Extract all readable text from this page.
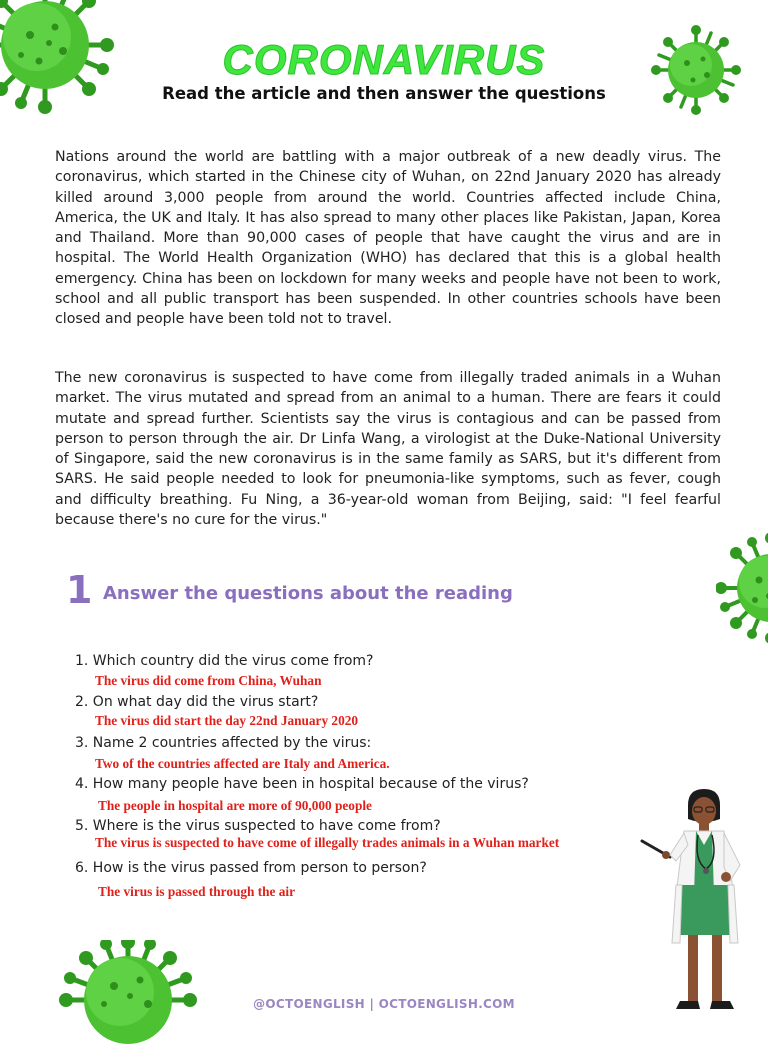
CORONAVIRUS
Read the article and then answer the questions

Nations around the world are battling with a major outbreak of a new deadly virus. The coronavirus, which started in the Chinese city of Wuhan, on 22nd January 2020 has already killed around 3,000 people from around the world. Countries affected include China, America, the UK and Italy. It has also spread to many other places like Pakistan, Japan, Korea and Thailand. More than 90,000 cases of people that have caught the virus and are in hospital. The World Health Organization (WHO) has declared that this is a global health emergency. China has been on lockdown for many weeks and people have not been to work, school and all public transport has been suspended. In other countries schools have been closed and people have been told not to travel.

The new coronavirus is suspected to have come from illegally traded animals in a Wuhan market. The virus mutated and spread from an animal to a human. There are fears it could mutate and spread further. Scientists say the virus is contagious and can be passed from person to person through the air. Dr Linfa Wang, a virologist at the Duke-National University of Singapore, said the new coronavirus is in the same family as SARS, but it's different from SARS. He said people needed to look for pneumonia-like symptoms, such as fever, cough and difficulty breathing. Fu Ning, a 36-year-old woman from Beijing, said: "I feel fearful because there's no cure for the virus."

1 Answer the questions about the reading
1. Which country did the virus come from?
The virus did come from China, Wuhan
2. On what day did the virus start?
The virus did start the day 22nd January 2020
3. Name 2 countries affected by the virus:
Two of the countries affected are Italy and America.
4. How many people have been in hospital because of the virus?
The people in hospital are more of 90,000 people
5. Where is the virus suspected to have come from?
The virus is suspected to have come of illegally trades animals in a Wuhan market
6. How is the virus passed from person to person?
The virus is passed through the air
@OCTOENGLISH | OCTOENGLISH.COM
